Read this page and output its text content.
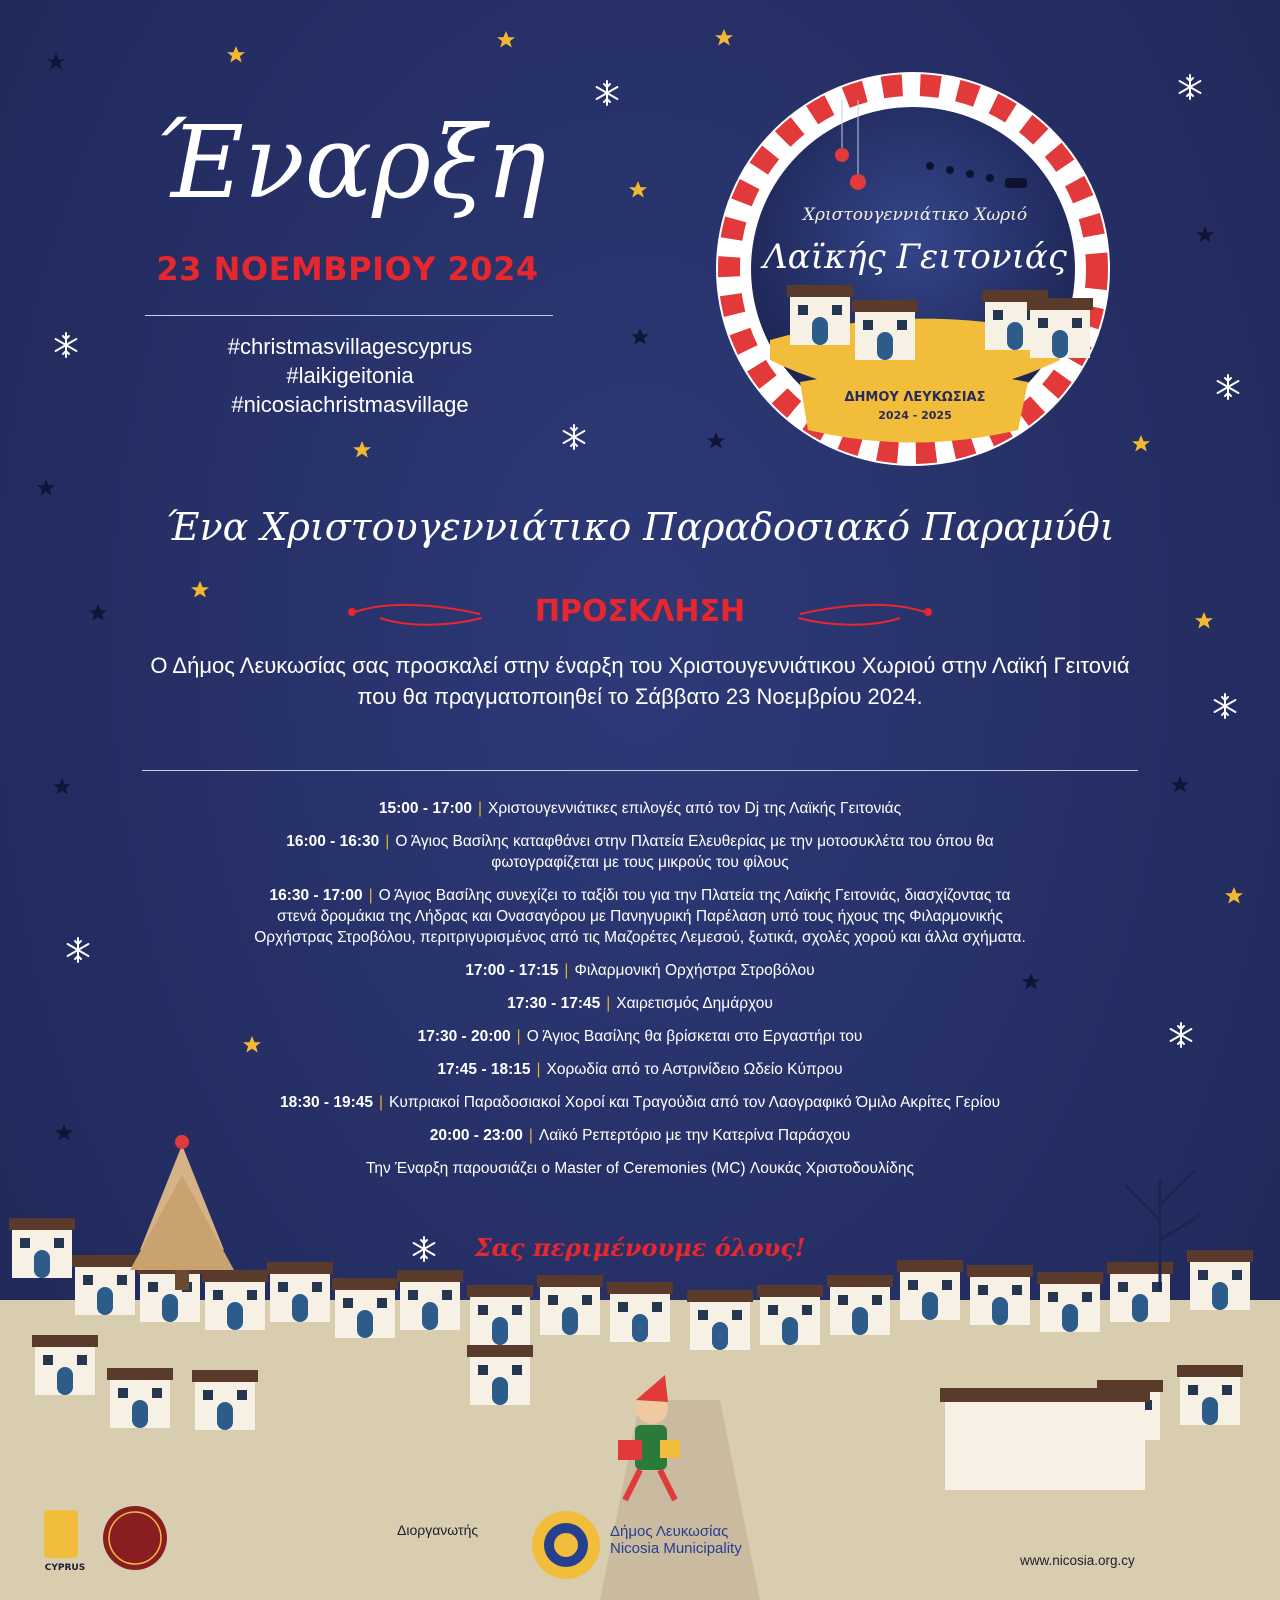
Έναρξη
23 ΝΟΕΜΒΡΙΟΥ 2024
#christmasvillagescyprus
#laikigeitonia
#nicosiachristmasvillage
Χριστουγεννιάτικο Χωριό
Λαϊκής Γειτονιάς
ΔΗΜΟΥ ΛΕΥΚΩΣΙΑΣ
2024 - 2025
Ένα Χριστουγεννιάτικο Παραδοσιακό Παραμύθι
ΠΡΟΣΚΛΗΣΗ
Ο Δήμος Λευκωσίας σας προσκαλεί στην έναρξη του Χριστουγεννιάτικου Χωριού στην Λαϊκή Γειτονιά που θα πραγματοποιηθεί το Σάββατο 23 Νοεμβρίου 2024.
15:00 - 17:00 | Χριστουγεννιάτικες επιλογές από τον Dj της Λαϊκής Γειτονιάς
16:00 - 16:30 | Ο Άγιος Βασίλης καταφθάνει στην Πλατεία Ελευθερίας με την μοτοσυκλέτα του όπου θα
φωτογραφίζεται με τους μικρούς του φίλους
16:30 - 17:00 | Ο Άγιος Βασίλης συνεχίζει το ταξίδι του για την Πλατεία της Λαϊκής Γειτονιάς, διασχίζοντας τα
στενά δρομάκια της Λήδρας και Ονασαγόρου με Πανηγυρική Παρέλαση υπό τους ήχους της Φιλαρμονικής
Ορχήστρας Στροβόλου, περιτριγυρισμένος από τις Μαζορέτες Λεμεσού, ξωτικά, σχολές χορού και άλλα σχήματα.
17:00 - 17:15 | Φιλαρμονική Ορχήστρα Στροβόλου
17:30 - 17:45 | Χαιρετισμός Δημάρχου
17:30 - 20:00 | Ο Άγιος Βασίλης θα βρίσκεται στο Εργαστήρι του
17:45 - 18:15 | Χορωδία από το Αστρινίδειο Ωδείο Κύπρου
18:30 - 19:45 | Κυπριακοί Παραδοσιακοί Χοροί και Τραγούδια από τον Λαογραφικό Όμιλο Ακρίτες Γερίου
20:00 - 23:00 | Λαϊκό Ρεπερτόριο με την Κατερίνα Παράσχου
Την Έναρξη παρουσιάζει ο Master of Ceremonies (MC) Λουκάς Χριστοδουλίδης
Σας περιμένουμε όλους!
CYPRUS
Διοργανωτής	Δήμος Λευκωσίας
Nicosia Municipality
www.nicosia.org.cy
